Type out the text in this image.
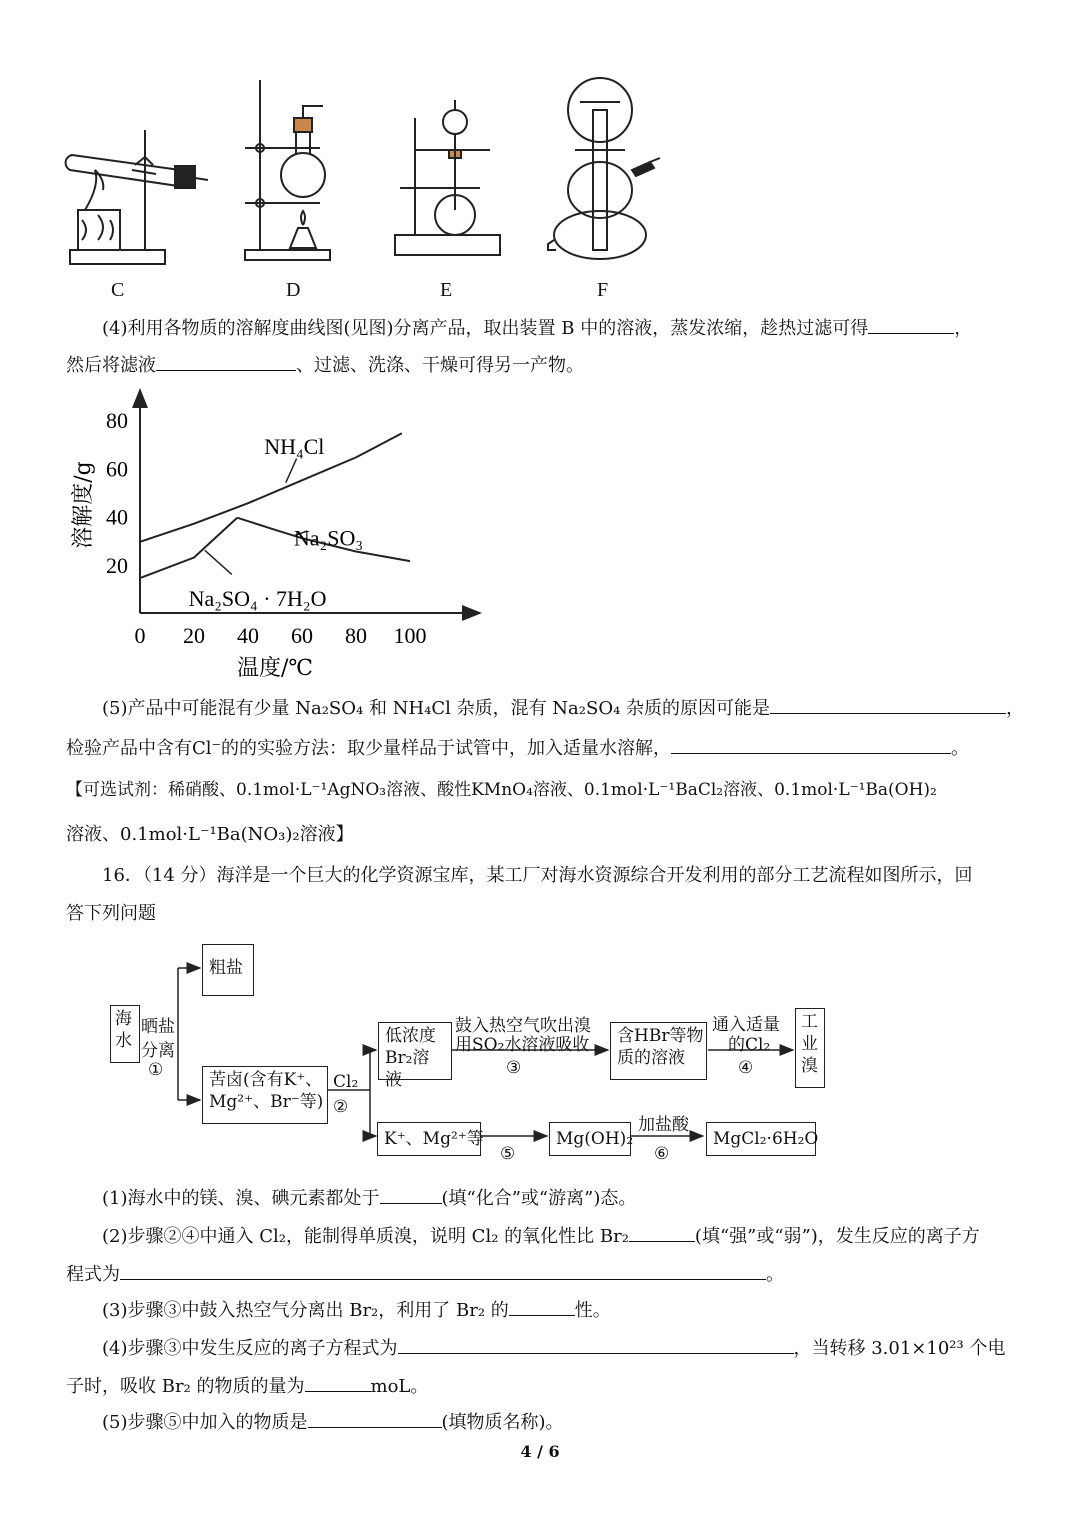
C	D	E	F
(4)利用各物质的溶解度曲线图(见图)分离产品，取出装置 B 中的溶液，蒸发浓缩，趁热过滤可得	，
然后将滤液	、过滤、洗涤、干燥可得另一产物。
0 20 40 60 80 100
20
40
60
80
温度/℃
溶解度/g
NH₄Cl
Na₂SO₃
Na₂SO₄ · 7H₂O
(5)产品中可能混有少量 Na₂SO₄ 和 NH₄Cl 杂质，混有 Na₂SO₄ 杂质的原因可能是	，
检验产品中含有Cl⁻的的实验方法：取少量样品于试管中，加入适量水溶解，	。
【可选试剂：稀硝酸、0.1mol·L⁻¹AgNO₃溶液、酸性KMnO₄溶液、0.1mol·L⁻¹BaCl₂溶液、0.1mol·L⁻¹Ba(OH)₂
溶液、0.1mol·L⁻¹Ba(NO₃)₂溶液】
16．（14 分）海洋是一个巨大的化学资源宝库，某工厂对海水资源综合开发利用的部分工艺流程如图所示，回
答下列问题
海
水
晒盐
分离
①
粗盐
苦卤(含有K⁺、
Mg²⁺、Br⁻等)
Cl₂
②
低浓度
Br₂溶液
鼓入热空气吹出溴
用SO₂水溶液吸收
③
含HBr等物
质的溶液
通入适量
的Cl₂
④
工
业
溴
K⁺、Mg²⁺等
⑤
Mg(OH)₂
加盐酸
⑥
MgCl₂·6H₂O
(1)海水中的镁、溴、碘元素都处于	(填“化合”或“游离”)态。
(2)步骤②④中通入 Cl₂，能制得单质溴，说明 Cl₂ 的氧化性比 Br₂	(填“强”或“弱”)，发生反应的离子方
程式为	。
(3)步骤③中鼓入热空气分离出 Br₂，利用了 Br₂ 的	性。
(4)步骤③中发生反应的离子方程式为	，当转移 3.01×10²³ 个电
子时，吸收 Br₂ 的物质的量为	moL。
(5)步骤⑤中加入的物质是	(填物质名称)。
4 / 6
